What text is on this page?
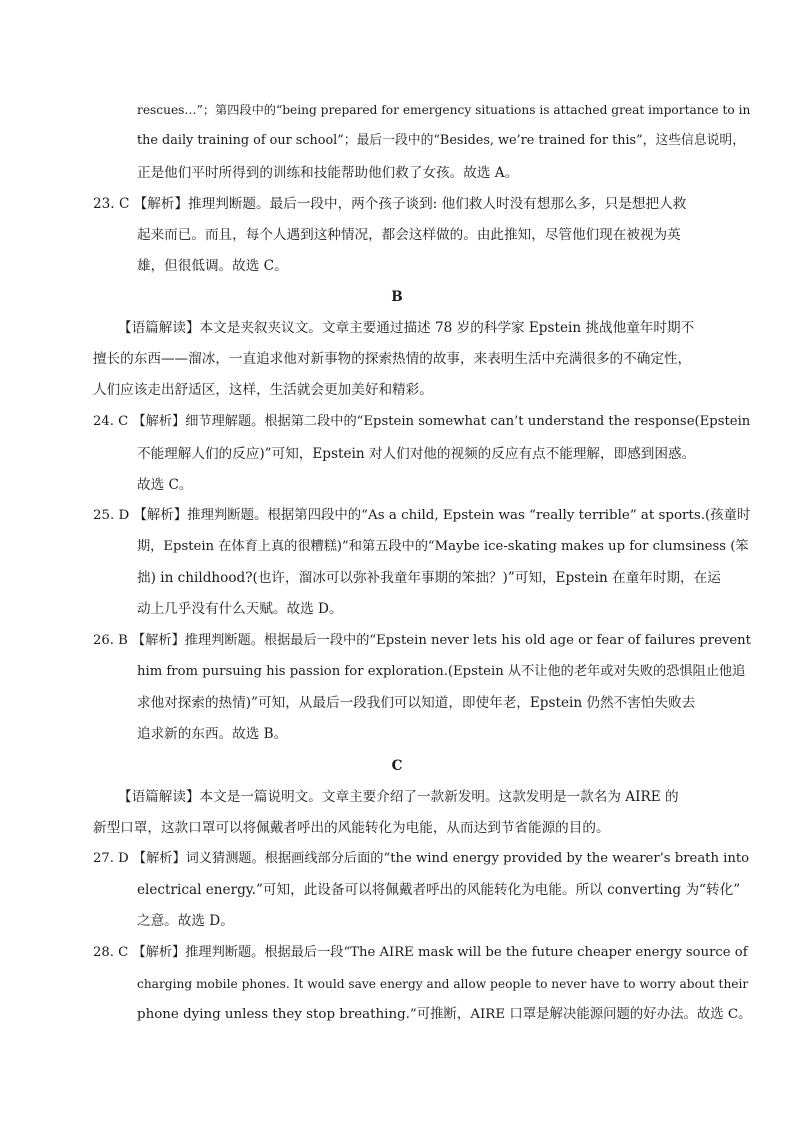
rescues…”；第四段中的“being prepared for emergency situations is attached great importance to in
the daily training of our school”；最后一段中的“Besides, we’re trained for this”，这些信息说明，
正是他们平时所得到的训练和技能帮助他们救了女孩。故选 A。
23. C 【解析】推理判断题。最后一段中，两个孩子谈到: 他们救人时没有想那么多，只是想把人救
起来而已。而且，每个人遇到这种情况，都会这样做的。由此推知，尽管他们现在被视为英
雄，但很低调。故选 C。
B
【语篇解读】本文是夹叙夹议文。文章主要通过描述 78 岁的科学家 Epstein 挑战他童年时期不
擅长的东西——溜冰，一直追求他对新事物的探索热情的故事，来表明生活中充满很多的不确定性，
人们应该走出舒适区，这样，生活就会更加美好和精彩。
24. C 【解析】细节理解题。根据第二段中的“Epstein somewhat can’t understand the response(Epstein
不能理解人们的反应)”可知，Epstein 对人们对他的视频的反应有点不能理解，即感到困惑。
故选 C。
25. D 【解析】推理判断题。根据第四段中的“As a child, Epstein was “really terrible” at sports.(孩童时
期，Epstein 在体育上真的很糟糕)”和第五段中的“Maybe ice-skating makes up for clumsiness (笨
拙) in childhood?(也许，溜冰可以弥补我童年事期的笨拙？)”可知，Epstein 在童年时期，在运
动上几乎没有什么天赋。故选 D。
26. B 【解析】推理判断题。根据最后一段中的“Epstein never lets his old age or fear of failures prevent
him from pursuing his passion for exploration.(Epstein 从不让他的老年或对失败的恐惧阻止他追
求他对探索的热情)”可知，从最后一段我们可以知道，即使年老，Epstein 仍然不害怕失败去
追求新的东西。故选 B。
C
【语篇解读】本文是一篇说明文。文章主要介绍了一款新发明。这款发明是一款名为 AIRE 的
新型口罩，这款口罩可以将佩戴者呼出的风能转化为电能，从而达到节省能源的目的。
27. D 【解析】词义猜测题。根据画线部分后面的“the wind energy provided by the wearer’s breath into
electrical energy.”可知，此设备可以将佩戴者呼出的风能转化为电能。所以 converting 为“转化”
之意。故选 D。
28. C 【解析】推理判断题。根据最后一段“The AIRE mask will be the future cheaper energy source of
charging mobile phones. It would save energy and allow people to never have to worry about their
phone dying unless they stop breathing.”可推断，AIRE 口罩是解决能源问题的好办法。故选 C。
